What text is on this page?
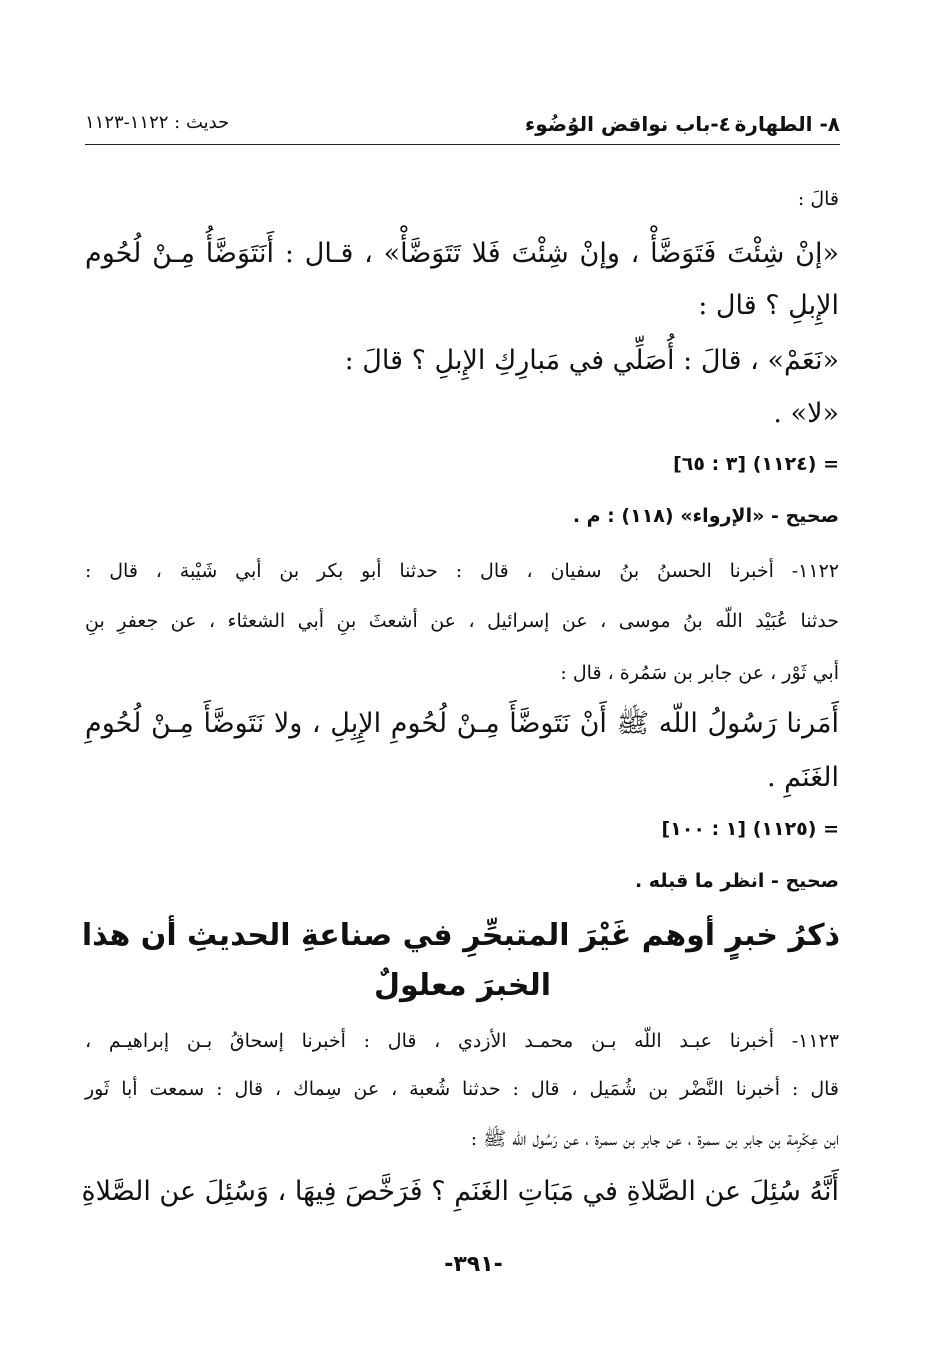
٨- الطهارة
٤-باب نواقض الوُضُوء
حديث : ١١٢٢-١١٢٣
قالَ :
«إنْ شِئْتَ فَتَوَضَّأْ ، وإنْ شِئْتَ فَلا تَتَوَضَّأْ» ، قـال : أَنَتَوَضَّأُ مِـنْ لُحُوم
الإِبلِ ؟ قال :
«نَعَمْ» ، قالَ : أُصَلِّي في مَبارِكِ الإِبلِ ؟ قالَ :
«لا» .
= (١١٢٤) [٣ : ٦٥]
صحيح - «الإرواء» (١١٨) : م .
١١٢٢- أخبرنا الحسنُ بنُ سفيان ، قال : حدثنا أبو بكر بن أبي شَيْبة ، قال :
حدثنا عُبَيْد اللّه بنُ موسى ، عن إسرائيل ، عن أشعثَ بنِ أبي الشعثاء ، عن جعفرِ بنِ
أبي ثَوْر ، عن جابر بن سَمُرة ، قال :
أَمَرنا رَسُولُ اللّه ﷺ أَنْ نَتَوضَّأَ مِـنْ لُحُومِ الإِبِلِ ، ولا نَتَوضَّأَ مِـنْ لُحُومِ
الغَنَمِ .
= (١١٢٥) [١ : ١٠٠]
صحيح - انظر ما قبله .
ذكرُ خبرٍ أوهم غَيْرَ المتبحِّرِ في صناعةِ الحديثِ أن هذا
الخبرَ معلولٌ
١١٢٣- أخبرنا عبـد اللّه بـن محمـد الأزدي ، قال : أخبرنا إسحاقُ بـن إبراهيـم ،
قال : أخبرنا النَّضْر بن شُمَيل ، قال : حدثنا شُعبة ، عن سِماك ، قال : سمعت أبا ثَور
ابن عِكْرِمة بن جابر بن سمرة ، عن جابر بن سمرة ، عن رَسُول اللّه ﷺ :
أَنَّهُ سُئِلَ عن الصَّلاةِ في مَبَاتِ الغَنَمِ ؟ فَرَخَّصَ فِيهَا ، وَسُئِلَ عن الصَّلاةِ
-٣٩١-
